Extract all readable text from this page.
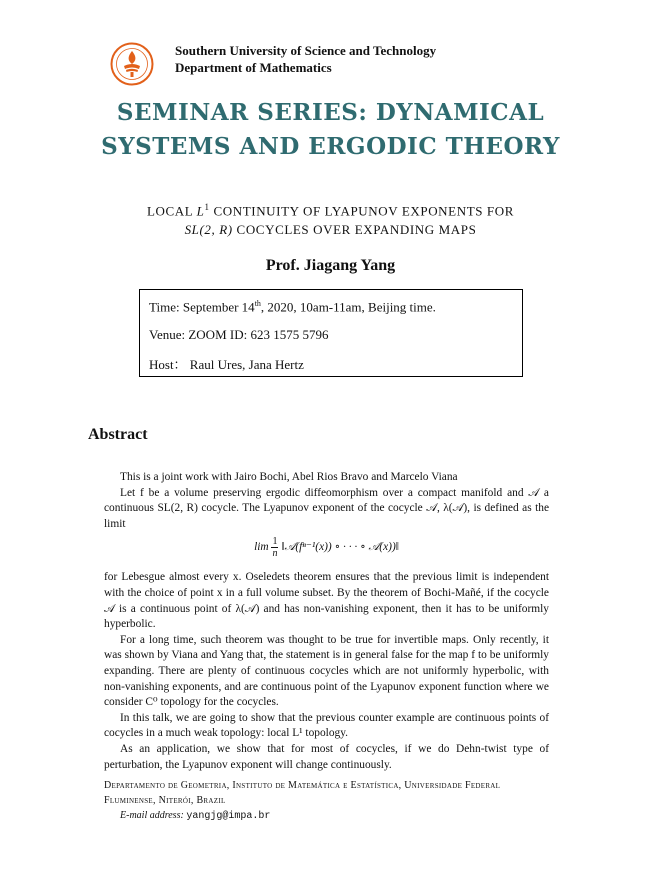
Southern University of Science and Technology
Department of Mathematics
SEMINAR SERIES: DYNAMICAL
SYSTEMS AND ERGODIC THEORY
LOCAL $L^1$ CONTINUITY OF LYAPUNOV EXPONENTS FOR
SL(2, R) COCYCLES OVER EXPANDING MAPS
Prof. Jiagang Yang
Time: September 14th, 2020, 10am-11am, Beijing time.
Venue: ZOOM ID: 623 1575 5796
Host： Raul Ures, Jana Hertz
Abstract

This is a joint work with Jairo Bochi, Abel Rios Bravo and Marcelo Viana

Let f be a volume preserving ergodic diffeomorphism over a compact manifold and 𝒜 a continuous SL(2, R) cocycle. The Lyapunov exponent of the cocycle 𝒜, λ(𝒜), is defined as the limit

$\lim \frac{1}{n}$ ‖𝒜(fⁿ⁻¹(x)) ∘ · · · ∘ 𝒜(x))‖

for Lebesgue almost every x. Oseledets theorem ensures that the previous limit is independent with the choice of point x in a full volume subset. By the theorem of Bochi-Mañé, if the cocycle 𝒜 is a continuous point of λ(𝒜) and has non-vanishing exponent, then it has to be uniformly hyperbolic.

For a long time, such theorem was thought to be true for invertible maps. Only recently, it was shown by Viana and Yang that, the statement is in general false for the map f to be uniformly expanding. There are plenty of continuous cocycles which are not uniformly hyperbolic, with non-vanishing exponents, and are continuous point of the Lyapunov exponent function where we consider C⁰ topology for the cocycles.

In this talk, we are going to show that the previous counter example are continuous points of cocycles in a much weak topology: local L¹ topology.

As an application, we show that for most of cocycles, if we do Dehn-twist type of perturbation, the Lyapunov exponent will change continuously.

Departamento de Geometria, Instituto de Matemática e Estatística, Universidade Federal Fluminense, Niterói, Brazil
E-mail address: yangjg@impa.br
